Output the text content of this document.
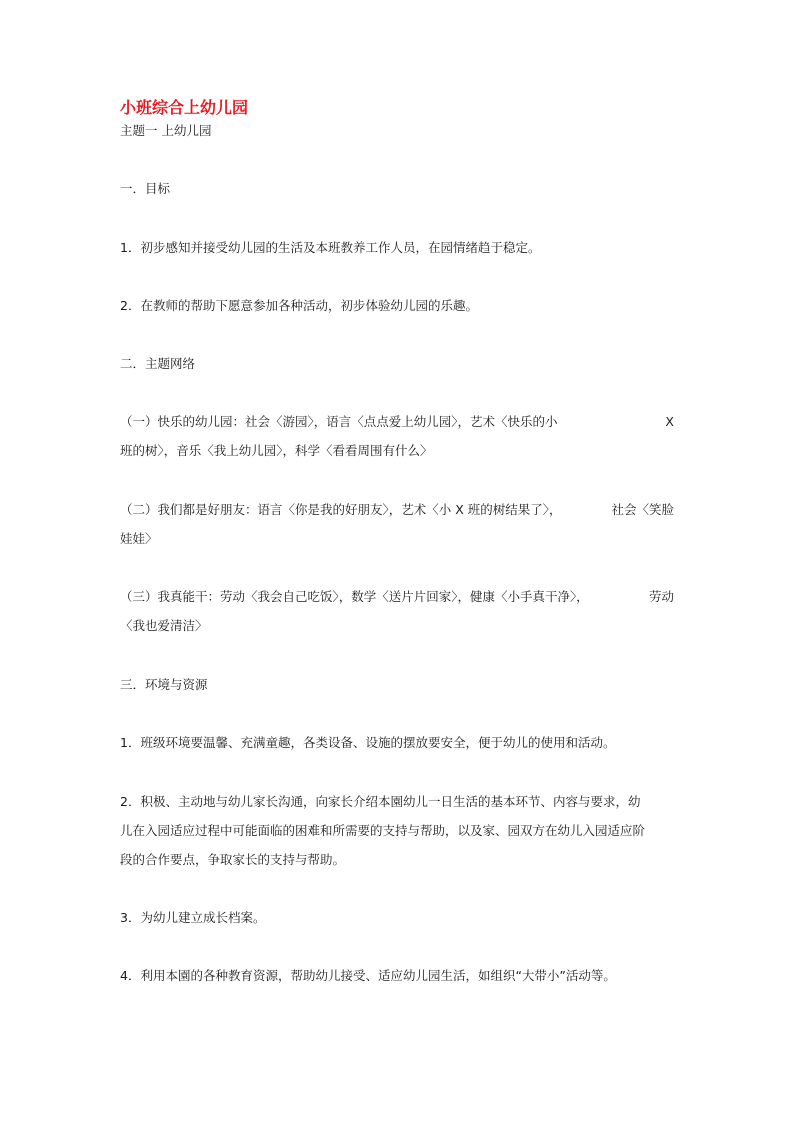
小班综合上幼儿园
主题一 上幼儿园
一．目标
1．初步感知并接受幼儿园的生活及本班教养工作人员，在园情绪趋于稳定。
2．在教师的帮助下愿意参加各种活动，初步体验幼儿园的乐趣。
二．主题网络
（一）快乐的幼儿园：社会〈游园〉，语言〈点点爱上幼儿园〉，艺术〈快乐的小	X
班的树〉，音乐〈我上幼儿园〉，科学〈看看周围有什么〉
（二）我们都是好朋友：语言〈你是我的好朋友〉，艺术〈小 X 班的树结果了〉，	社会〈笑脸
娃娃〉
（三）我真能干：劳动〈我会自己吃饭〉，数学〈送片片回家〉，健康〈小手真干净〉，	劳动
〈我也爱清洁〉
三．环境与资源
1．班级环境要温馨、充满童趣，各类设备、设施的摆放要安全，便于幼儿的使用和活动。
2．积极、主动地与幼儿家长沟通，向家长介绍本園幼儿一日生活的基本环节、内容与要求，幼
儿在入园适应过程中可能面临的困难和所需要的支持与帮助，以及家、园双方在幼儿入园适应阶
段的合作要点，争取家长的支持与帮助。
3．为幼儿建立成长档案。
4．利用本園的各种教育资源，帮助幼儿接受、适应幼儿园生活，如组织“大带小”活动等。
